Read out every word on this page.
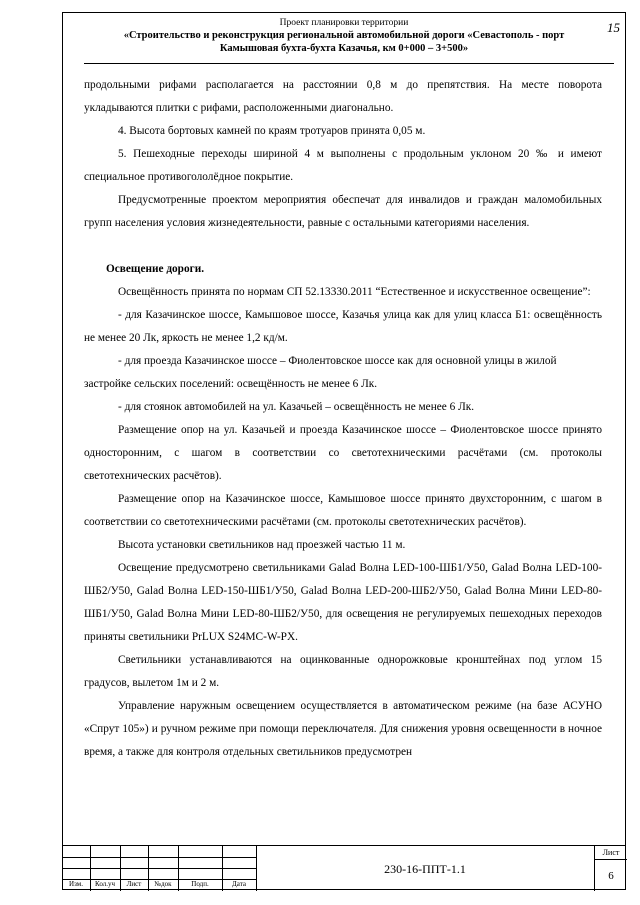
15
Проект планировки территории
«Строительство и реконструкция региональной автомобильной дороги «Севастополь - порт
Камышовая бухта-бухта Казачья, км 0+000 – 3+500»

продольными рифами располагается на расстоянии 0,8 м до препятствия. На месте поворота укладываются плитки с рифами, расположенными диагонально.

4. Высота бортовых камней по краям тротуаров принята 0,05 м.

5. Пешеходные переходы шириной 4 м выполнены с продольным уклоном 20 ‰ и имеют специальное противогололёдное покрытие.

Предусмотренные проектом мероприятия обеспечат для инвалидов и граждан маломобильных групп населения условия жизнедеятельности, равные с остальными категориями населения.

Освещение дороги.

Освещённость принята по нормам СП 52.13330.2011 “Естественное и искусственное освещение”:

- для Казачинское шоссе, Камышовое шоссе, Казачья улица как для улиц класса Б1: освещённость не менее 20 Лк, яркость не менее 1,2 кд/м.

- для проезда Казачинское шоссе – Фиолентовское шоссе как для основной улицы в жилой

застройке сельских поселений: освещённость не менее 6 Лк.

- для стоянок автомобилей на ул. Казачьей – освещённость не менее 6 Лк.

Размещение опор на ул. Казачьей и проезда Казачинское шоссе – Фиолентовское шоссе принято односторонним, с шагом в соответствии со светотехническими расчётами (см. протоколы светотехнических расчётов).

Размещение опор на Казачинское шоссе, Камышовое шоссе принято двухсторонним, с шагом в соответствии со светотехническими расчётами (см. протоколы светотехнических расчётов).

Высота установки светильников над проезжей частью 11 м.

Освещение предусмотрено светильниками Galad Волна LED-100-ШБ1/У50, Galad Волна LED-100-ШБ2/У50, Galad Волна LED-150-ШБ1/У50, Galad Волна LED-200-ШБ2/У50, Galad Волна Мини LED-80-ШБ1/У50, Galad Волна Мини LED-80-ШБ2/У50, для освещения не регулируемых пешеходных переходов приняты светильники PrLUX S24MC-W-PX.

Светильники устанавливаются на оцинкованные однорожковые кронштейнах под углом 15 градусов, вылетом 1м и 2 м.

Управление наружным освещением осуществляется в автоматическом режиме (на базе АСУНО «Спрут 105») и ручном режиме при помощи переключателя. Для снижения уровня освещенности в ночное время, а также для контроля отдельных светильников предусмотрен

Изм.	Кол.уч	Лист	№док	Подп.	Дата
230-16-ППТ-1.1
Лист
6
